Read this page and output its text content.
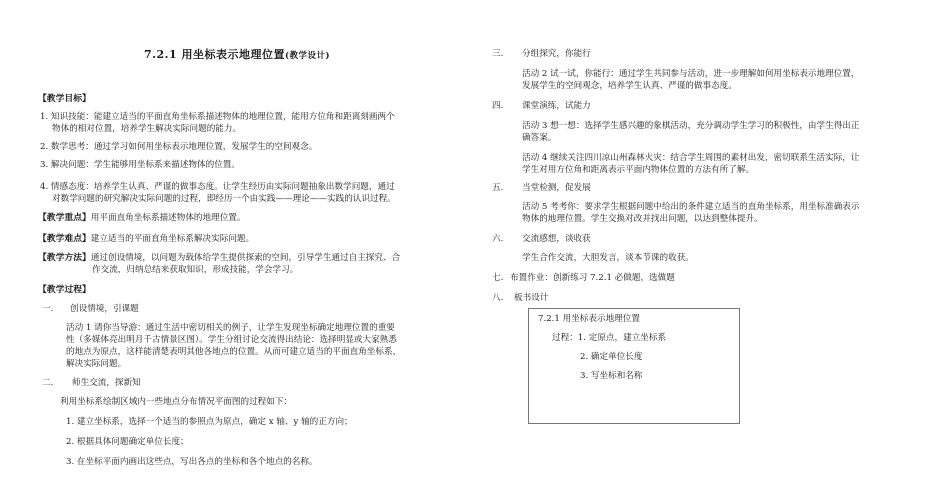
7.2.1 用坐标表示地理位置(教学设计)
【教学目标】
1. 知识技能：能建立适当的平面直角坐标系描述物体的地理位置，能用方位角和距离刻画两个
物体的相对位置，培养学生解决实际问题的能力。
2. 数学思考：通过学习如何用坐标表示地理位置，发展学生的空间观念。
3. 解决问题：学生能够用坐标系来描述物体的位置。
4. 情感态度：培养学生认真、严谨的做事态度。让学生经历由实际问题抽象出数学问题，通过
对数学问题的研究解决实际问题的过程，即经历一个由实践——理论——实践的认识过程。
【教学重点】用平面直角坐标系描述物体的地理位置。
【教学难点】建立适当的平面直角坐标系解决实际问题。
【教学方法】通过创设情境，以问题为载体给学生提供探索的空间，引导学生通过自主探究、合
作交流，归纳总结来获取知识，形成技能，学会学习。
【教学过程】
一. 创设情境，引课题
活动 1 请你当导游：通过生活中密切相关的例子，让学生发现坐标确定地理位置的重要
性（多媒体亮出明月千古情景区图）。学生分组讨论交流得出结论：选择明显或大家熟悉
的地点为原点，这样能清楚表明其他各地点的位置。从而可建立适当的平面直角坐标系，
解决实际问题。
二. 师生交流，探新知
利用坐标系绘制区域内一些地点分布情况平面图的过程如下：
1. 建立坐标系，选择一个适当的参照点为原点，确定 x 轴、y 轴的正方向；
2. 根据具体问题确定单位长度；
3. 在坐标平面内画出这些点，写出各点的坐标和各个地点的名称。
三. 分组探究，你能行
活动 2 试一试，你能行：通过学生共同参与活动，进一步理解如何用坐标表示地理位置，
发展学生的空间观念，培养学生认真、严谨的做事态度。
四. 课堂演练，试能力
活动 3 想一想：选择学生感兴趣的象棋活动，充分调动学生学习的积极性，由学生得出正
确答案。
活动 4 继续关注四川凉山州森林火灾：结合学生周围的素材出发，密切联系生活实际，让
学生对用方位角和距离表示平面内物体位置的方法有所了解。
五. 当堂检测，促发展
活动 5 考考你：要求学生根据问题中给出的条件建立适当的直角坐标系，用坐标准确表示
物体的地理位置。学生交换对改并找出问题，以达到整体提升。
六. 交流感想，谈收获
学生合作交流，大胆发言，谈本节课的收获。
七. 布置作业：创新练习 7.2.1 必做题，选做题
八. 板书设计
7.2.1 用坐标表示地理位置
过程：1. 定原点，建立坐标系
2. 确定单位长度
3. 写坐标和名称
